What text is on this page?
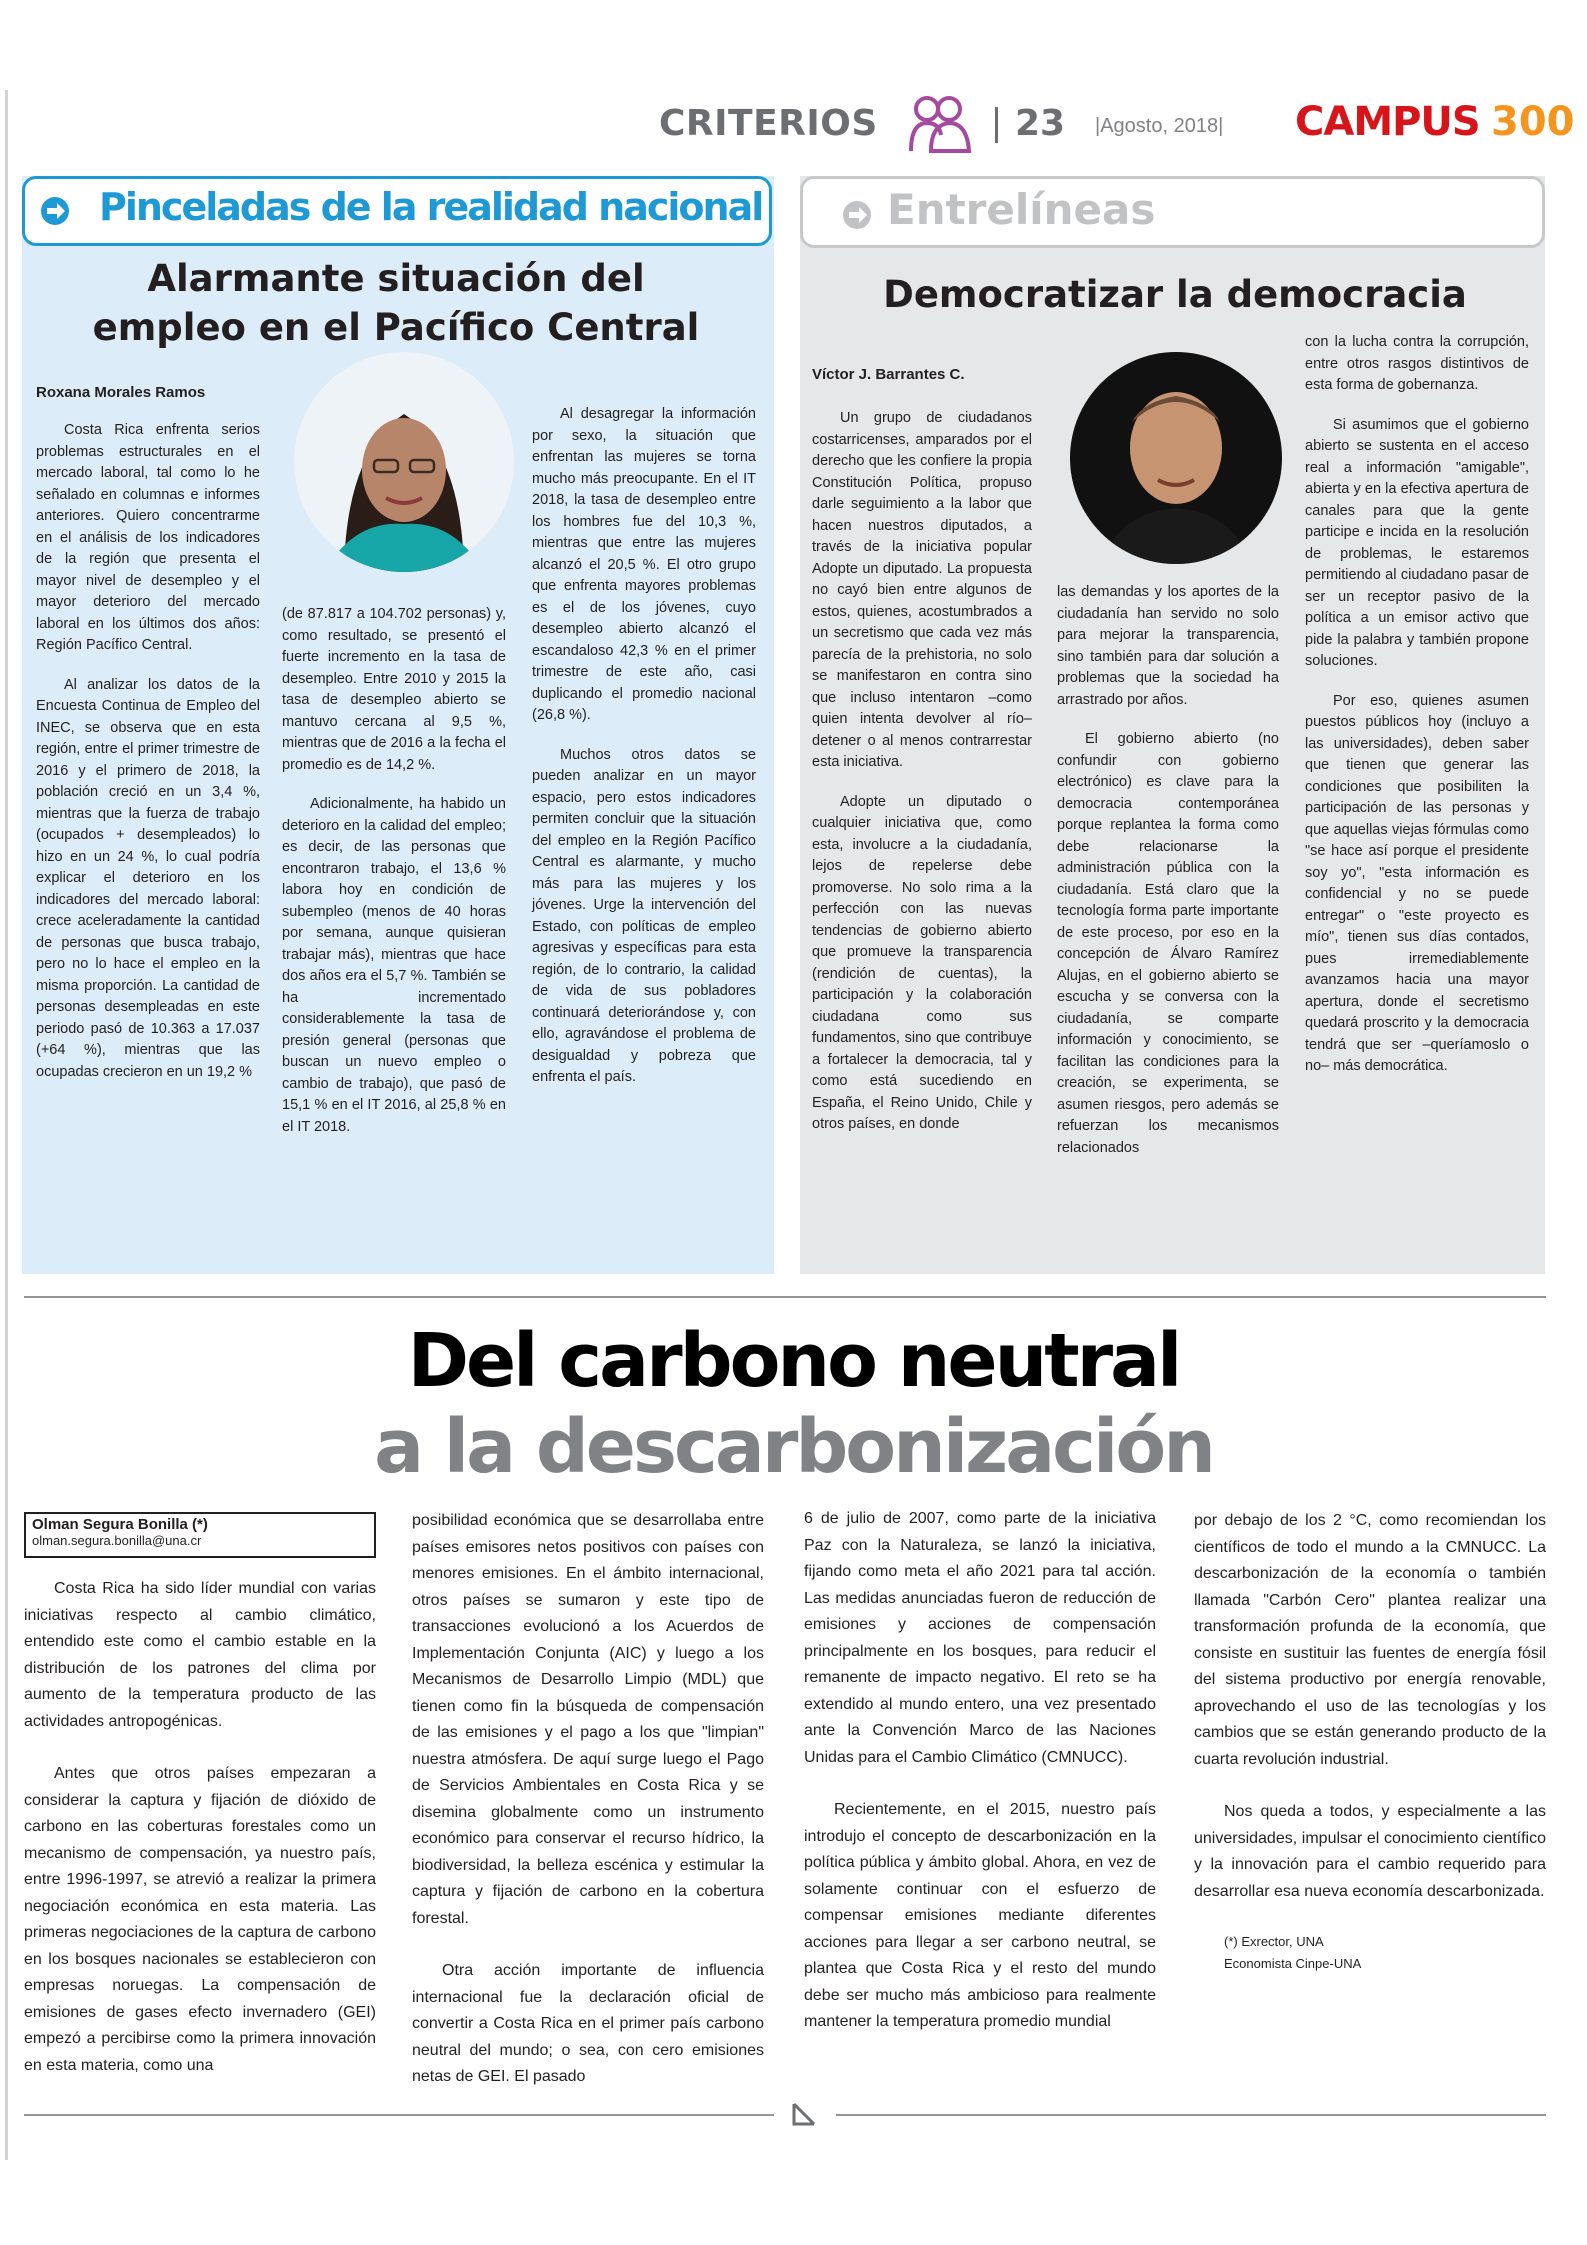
CRITERIOS	23 |Agosto, 2018| CAMPUS 300
Pinceladas de la realidad nacional
Alarmante situación del
empleo en el Pacífico Central
Roxana Morales Ramos

Costa Rica enfrenta serios problemas estructurales en el mercado laboral, tal como lo he señalado en columnas e informes anteriores. Quiero concentrarme en el análisis de los indicadores de la región que presenta el mayor nivel de desempleo y el mayor deterioro del mercado laboral en los últimos dos años: Región Pacífico Central.

Al analizar los datos de la Encuesta Continua de Empleo del INEC, se observa que en esta región, entre el primer trimestre de 2016 y el primero de 2018, la población creció en un 3,4 %, mientras que la fuerza de trabajo (ocupados + desempleados) lo hizo en un 24 %, lo cual podría explicar el deterioro en los indicadores del mercado laboral: crece aceleradamente la cantidad de personas que busca trabajo, pero no lo hace el empleo en la misma proporción. La cantidad de personas desempleadas en este periodo pasó de 10.363 a 17.037 (+64 %), mientras que las ocupadas crecieron en un 19,2 %

(de 87.817 a 104.702 personas) y, como resultado, se presentó el fuerte incremento en la tasa de desempleo. Entre 2010 y 2015 la tasa de desempleo abierto se mantuvo cercana al 9,5 %, mientras que de 2016 a la fecha el promedio es de 14,2 %.

Adicionalmente, ha habido un deterioro en la calidad del empleo; es decir, de las personas que encontraron trabajo, el 13,6 % labora hoy en condición de subempleo (menos de 40 horas por semana, aunque quisieran trabajar más), mientras que hace dos años era el 5,7 %. También se ha incrementado considerablemente la tasa de presión general (personas que buscan un nuevo empleo o cambio de trabajo), que pasó de 15,1 % en el IT 2016, al 25,8 % en el IT 2018.

Al desagregar la información por sexo, la situación que enfrentan las mujeres se torna mucho más preocupante. En el IT 2018, la tasa de desempleo entre los hombres fue del 10,3 %, mientras que entre las mujeres alcanzó el 20,5 %. El otro grupo que enfrenta mayores problemas es el de los jóvenes, cuyo desempleo abierto alcanzó el escandaloso 42,3 % en el primer trimestre de este año, casi duplicando el promedio nacional (26,8 %).

Muchos otros datos se pueden analizar en un mayor espacio, pero estos indicadores permiten concluir que la situación del empleo en la Región Pacífico Central es alarmante, y mucho más para las mujeres y los jóvenes. Urge la intervención del Estado, con políticas de empleo agresivas y específicas para esta región, de lo contrario, la calidad de vida de sus pobladores continuará deteriorándose y, con ello, agravándose el problema de desigualdad y pobreza que enfrenta el país.

Entrelíneas
Democratizar la democracia
Víctor J. Barrantes C.

Un grupo de ciudadanos costarricenses, amparados por el derecho que les confiere la propia Constitución Política, propuso darle seguimiento a la labor que hacen nuestros diputados, a través de la iniciativa popular Adopte un diputado. La propuesta no cayó bien entre algunos de estos, quienes, acostumbrados a un secretismo que cada vez más parecía de la prehistoria, no solo se manifestaron en contra sino que incluso intentaron –como quien intenta devolver al río– detener o al menos contrarrestar esta iniciativa.

Adopte un diputado o cualquier iniciativa que, como esta, involucre a la ciudadanía, lejos de repelerse debe promoverse. No solo rima a la perfección con las nuevas tendencias de gobierno abierto que promueve la transparencia (rendición de cuentas), la participación y la colaboración ciudadana como sus fundamentos, sino que contribuye a fortalecer la democracia, tal y como está sucediendo en España, el Reino Unido, Chile y otros países, en donde

las demandas y los aportes de la ciudadanía han servido no solo para mejorar la transparencia, sino también para dar solución a problemas que la sociedad ha arrastrado por años.

El gobierno abierto (no confundir con gobierno electrónico) es clave para la democracia contemporánea porque replantea la forma como debe relacionarse la administración pública con la ciudadanía. Está claro que la tecnología forma parte importante de este proceso, por eso en la concepción de Álvaro Ramírez Alujas, en el gobierno abierto se escucha y se conversa con la ciudadanía, se comparte información y conocimiento, se facilitan las condiciones para la creación, se experimenta, se asumen riesgos, pero además se refuerzan los mecanismos relacionados

con la lucha contra la corrupción, entre otros rasgos distintivos de esta forma de gobernanza.

Si asumimos que el gobierno abierto se sustenta en el acceso real a información "amigable", abierta y en la efectiva apertura de canales para que la gente participe e incida en la resolución de problemas, le estaremos permitiendo al ciudadano pasar de ser un receptor pasivo de la política a un emisor activo que pide la palabra y también propone soluciones.

Por eso, quienes asumen puestos públicos hoy (incluyo a las universidades), deben saber que tienen que generar las condiciones que posibiliten la participación de las personas y que aquellas viejas fórmulas como "se hace así porque el presidente soy yo", "esta información es confidencial y no se puede entregar" o "este proyecto es mío", tienen sus días contados, pues irremediablemente avanzamos hacia una mayor apertura, donde el secretismo quedará proscrito y la democracia tendrá que ser –queríamoslo o no– más democrática.

Del carbono neutral
a la descarbonización
Olman Segura Bonilla (*)
olman.segura.bonilla@una.cr

Costa Rica ha sido líder mundial con varias iniciativas respecto al cambio climático, entendido este como el cambio estable en la distribución de los patrones del clima por aumento de la temperatura producto de las actividades antropogénicas.

Antes que otros países empezaran a considerar la captura y fijación de dióxido de carbono en las coberturas forestales como un mecanismo de compensación, ya nuestro país, entre 1996-1997, se atrevió a realizar la primera negociación económica en esta materia. Las primeras negociaciones de la captura de carbono en los bosques nacionales se establecieron con empresas noruegas. La compensación de emisiones de gases efecto invernadero (GEI) empezó a percibirse como la primera innovación en esta materia, como una

posibilidad económica que se desarrollaba entre países emisores netos positivos con países con menores emisiones. En el ámbito internacional, otros países se sumaron y este tipo de transacciones evolucionó a los Acuerdos de Implementación Conjunta (AIC) y luego a los Mecanismos de Desarrollo Limpio (MDL) que tienen como fin la búsqueda de compensación de las emisiones y el pago a los que "limpian" nuestra atmósfera. De aquí surge luego el Pago de Servicios Ambientales en Costa Rica y se disemina globalmente como un instrumento económico para conservar el recurso hídrico, la biodiversidad, la belleza escénica y estimular la captura y fijación de carbono en la cobertura forestal.

Otra acción importante de influencia internacional fue la declaración oficial de convertir a Costa Rica en el primer país carbono neutral del mundo; o sea, con cero emisiones netas de GEI. El pasado

6 de julio de 2007, como parte de la iniciativa Paz con la Naturaleza, se lanzó la iniciativa, fijando como meta el año 2021 para tal acción. Las medidas anunciadas fueron de reducción de emisiones y acciones de compensación principalmente en los bosques, para reducir el remanente de impacto negativo. El reto se ha extendido al mundo entero, una vez presentado ante la Convención Marco de las Naciones Unidas para el Cambio Climático (CMNUCC).

Recientemente, en el 2015, nuestro país introdujo el concepto de descarbonización en la política pública y ámbito global. Ahora, en vez de solamente continuar con el esfuerzo de compensar emisiones mediante diferentes acciones para llegar a ser carbono neutral, se plantea que Costa Rica y el resto del mundo debe ser mucho más ambicioso para realmente mantener la temperatura promedio mundial

por debajo de los 2 °C, como recomiendan los científicos de todo el mundo a la CMNUCC. La descarbonización de la economía o también llamada "Carbón Cero" plantea realizar una transformación profunda de la economía, que consiste en sustituir las fuentes de energía fósil del sistema productivo por energía renovable, aprovechando el uso de las tecnologías y los cambios que se están generando producto de la cuarta revolución industrial.

Nos queda a todos, y especialmente a las universidades, impulsar el conocimiento científico y la innovación para el cambio requerido para desarrollar esa nueva economía descarbonizada.

(*) Exrector, UNA
Economista Cinpe-UNA
